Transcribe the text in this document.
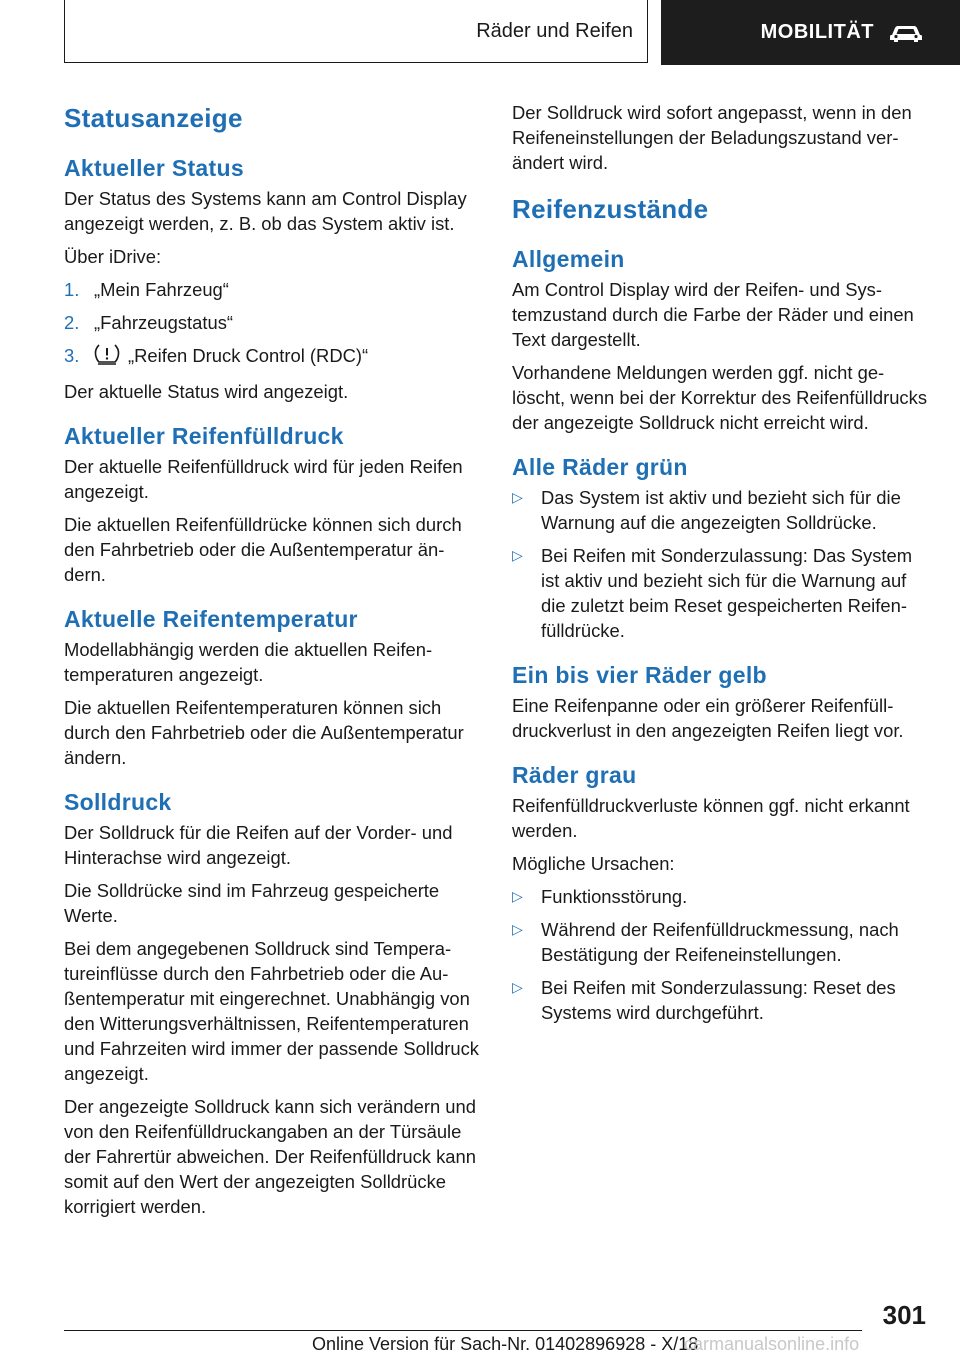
Räder und Reifen	MOBILITÄT
Statusanzeige
Aktueller Status

Der Status des Systems kann am Control Display angezeigt werden, z. B. ob das System aktiv ist.

Über iDrive:

1. „Mein Fahrzeug“
2. „Fahrzeugstatus“
3.	„Reifen Druck Control (RDC)“

Der aktuelle Status wird angezeigt.

Aktueller Reifenfülldruck

Der aktuelle Reifenfülldruck wird für jeden Reifen angezeigt.

Die aktuellen Reifenfülldrücke können sich durch den Fahrbetrieb oder die Außentemperatur ändern.

Aktuelle Reifentemperatur

Modellabhängig werden die aktuellen Reifentemperaturen angezeigt.

Die aktuellen Reifentemperaturen können sich durch den Fahrbetrieb oder die Außentemperatur ändern.

Solldruck

Der Solldruck für die Reifen auf der Vorder- und Hinterachse wird angezeigt.

Die Solldrücke sind im Fahrzeug gespeicherte Werte.

Bei dem angegebenen Solldruck sind Temperatureinflüsse durch den Fahrbetrieb oder die Außentemperatur mit eingerechnet. Unabhängig von den Witterungsverhältnissen, Reifentemperaturen und Fahrzeiten wird immer der passende Solldruck angezeigt.

Der angezeigte Solldruck kann sich verändern und von den Reifenfülldruckangaben an der Türsäule der Fahrertür abweichen. Der Reifenfülldruck kann somit auf den Wert der angezeigten Solldrücke korrigiert werden.

Der Solldruck wird sofort angepasst, wenn in den Reifeneinstellungen der Beladungszustand verändert wird.

Reifenzustände
Allgemein

Am Control Display wird der Reifen- und Systemzustand durch die Farbe der Räder und einen Text dargestellt.

Vorhandene Meldungen werden ggf. nicht gelöscht, wenn bei der Korrektur des Reifenfülldrucks der angezeigte Solldruck nicht erreicht wird.

Alle Räder grün
▷ Das System ist aktiv und bezieht sich für die Warnung auf die angezeigten Solldrücke.
▷ Bei Reifen mit Sonderzulassung: Das System ist aktiv und bezieht sich für die Warnung auf die zuletzt beim Reset gespeicherten Reifenfülldrücke.
Ein bis vier Räder gelb

Eine Reifenpanne oder ein größerer Reifenfülldruckverlust in den angezeigten Reifen liegt vor.

Räder grau

Reifenfülldruckverluste können ggf. nicht erkannt werden.

Mögliche Ursachen:

▷ Funktionsstörung.
▷ Während der Reifenfülldruckmessung, nach Bestätigung der Reifeneinstellungen.
▷ Bei Reifen mit Sonderzulassung: Reset des Systems wird durchgeführt.
301
Online Version für Sach-Nr. 01402896928 - X/18
carmanualsonline.info
